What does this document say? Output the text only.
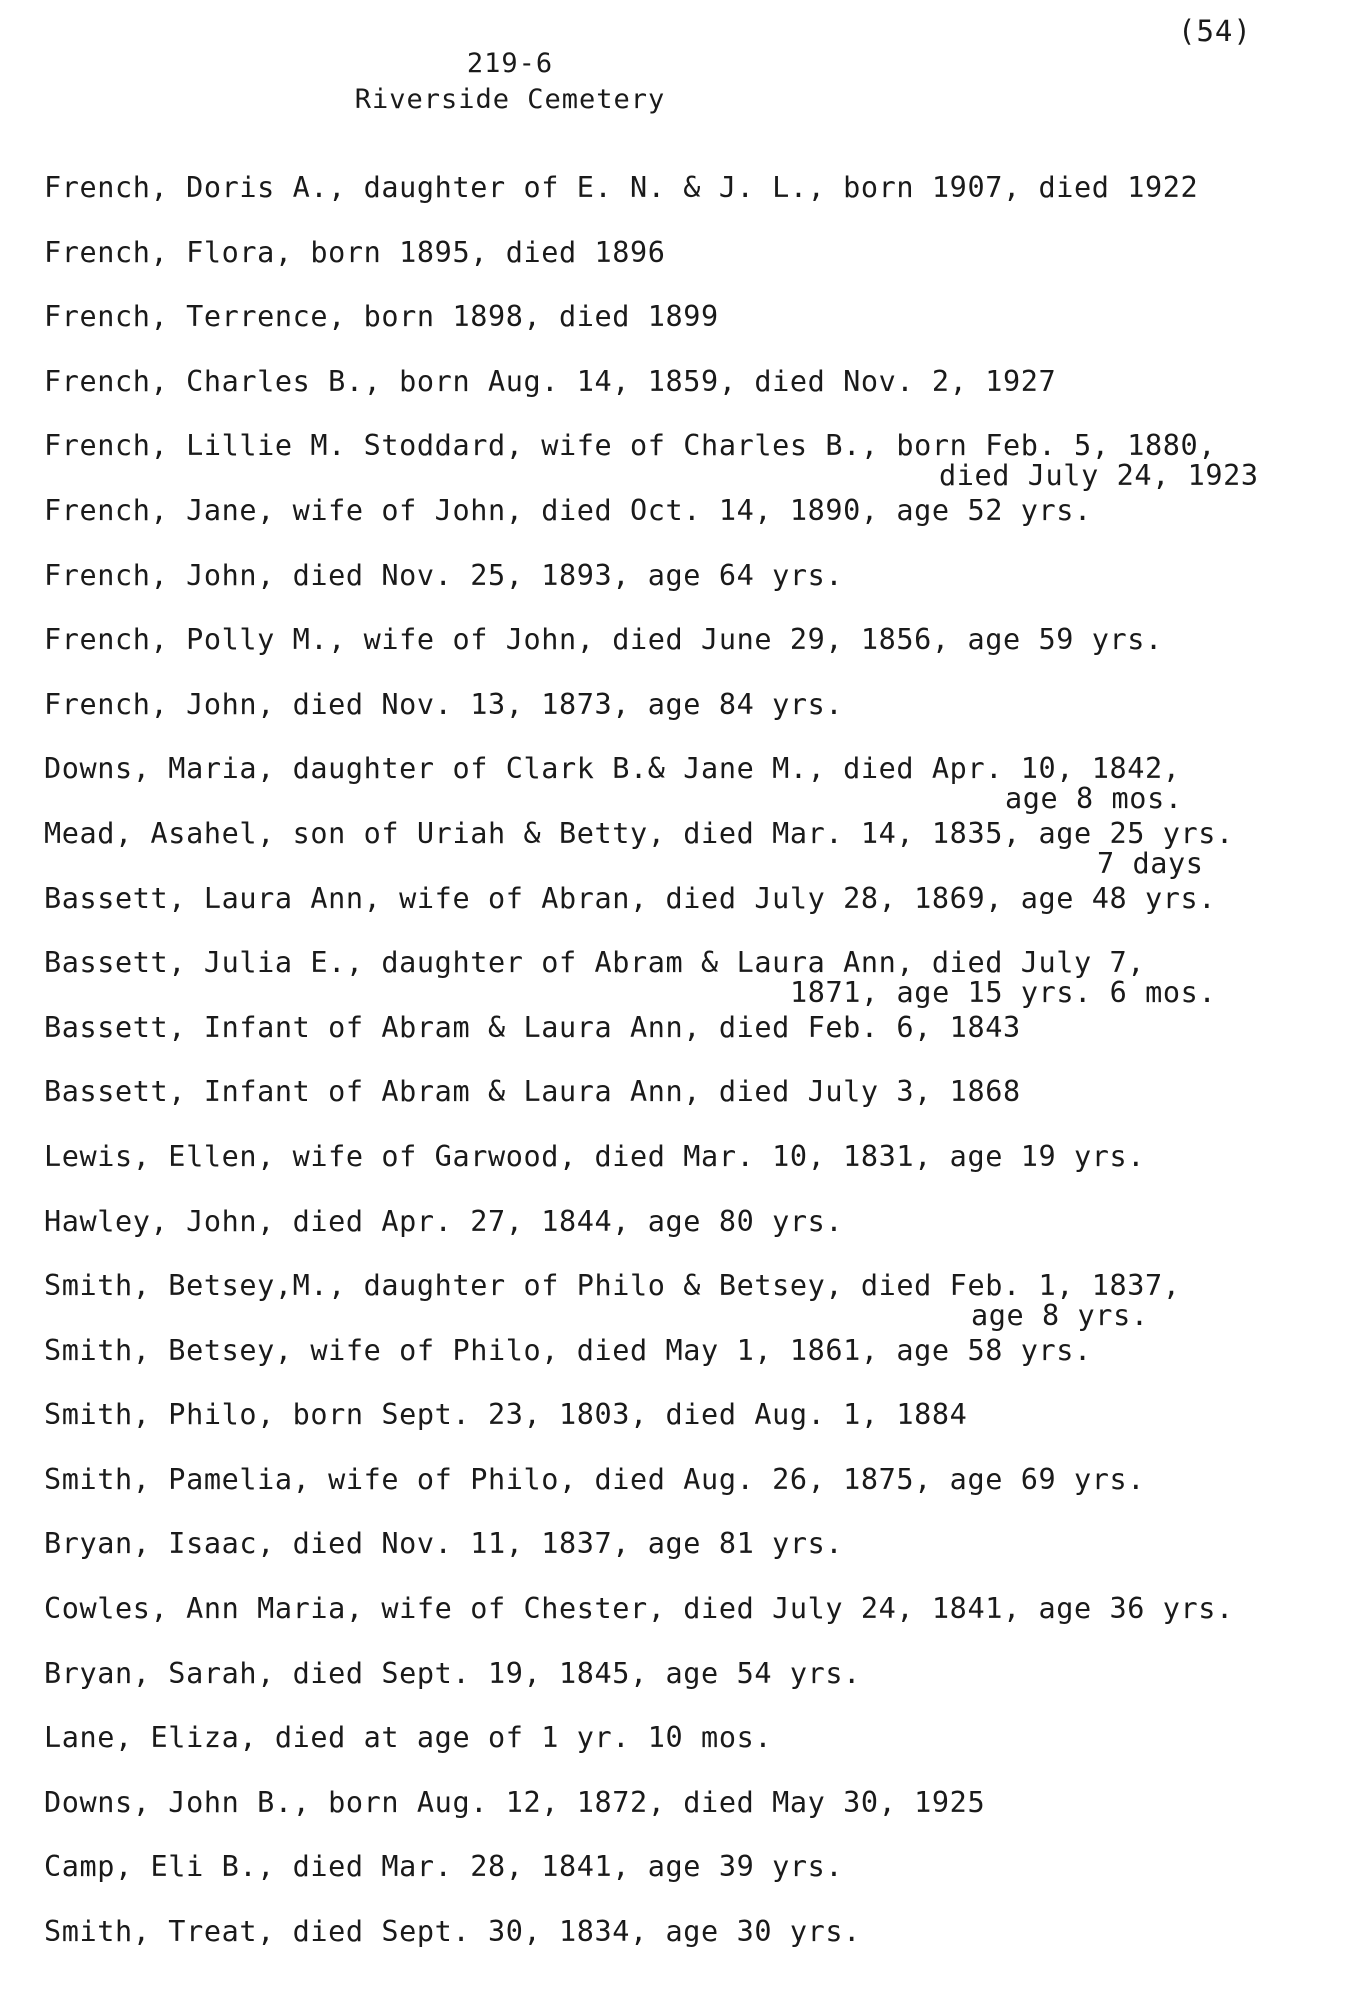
(54)
219-6
Riverside Cemetery
French, Doris A., daughter of E. N. & J. L., born 1907, died 1922
French, Flora, born 1895, died 1896
French, Terrence, born 1898, died 1899
French, Charles B., born Aug. 14, 1859, died Nov. 2, 1927
French, Lillie M. Stoddard, wife of Charles B., born Feb. 5, 1880,
died July 24, 1923
French, Jane, wife of John, died Oct. 14, 1890, age 52 yrs.
French, John, died Nov. 25, 1893, age 64 yrs.
French, Polly M., wife of John, died June 29, 1856, age 59 yrs.
French, John, died Nov. 13, 1873, age 84 yrs.
Downs, Maria, daughter of Clark B.& Jane M., died Apr. 10, 1842,
age 8 mos.
Mead, Asahel, son of Uriah & Betty, died Mar. 14, 1835, age 25 yrs.
7 days
Bassett, Laura Ann, wife of Abran, died July 28, 1869, age 48 yrs.
Bassett, Julia E., daughter of Abram & Laura Ann, died July 7,
1871, age 15 yrs. 6 mos.
Bassett, Infant of Abram & Laura Ann, died Feb. 6, 1843
Bassett, Infant of Abram & Laura Ann, died July 3, 1868
Lewis, Ellen, wife of Garwood, died Mar. 10, 1831, age 19 yrs.
Hawley, John, died Apr. 27, 1844, age 80 yrs.
Smith, Betsey,M., daughter of Philo & Betsey, died Feb. 1, 1837,
age 8 yrs.
Smith, Betsey, wife of Philo, died May 1, 1861, age 58 yrs.
Smith, Philo, born Sept. 23, 1803, died Aug. 1, 1884
Smith, Pamelia, wife of Philo, died Aug. 26, 1875, age 69 yrs.
Bryan, Isaac, died Nov. 11, 1837, age 81 yrs.
Cowles, Ann Maria, wife of Chester, died July 24, 1841, age 36 yrs.
Bryan, Sarah, died Sept. 19, 1845, age 54 yrs.
Lane, Eliza, died at age of 1 yr. 10 mos.
Downs, John B., born Aug. 12, 1872, died May 30, 1925
Camp, Eli B., died Mar. 28, 1841, age 39 yrs.
Smith, Treat, died Sept. 30, 1834, age 30 yrs.
